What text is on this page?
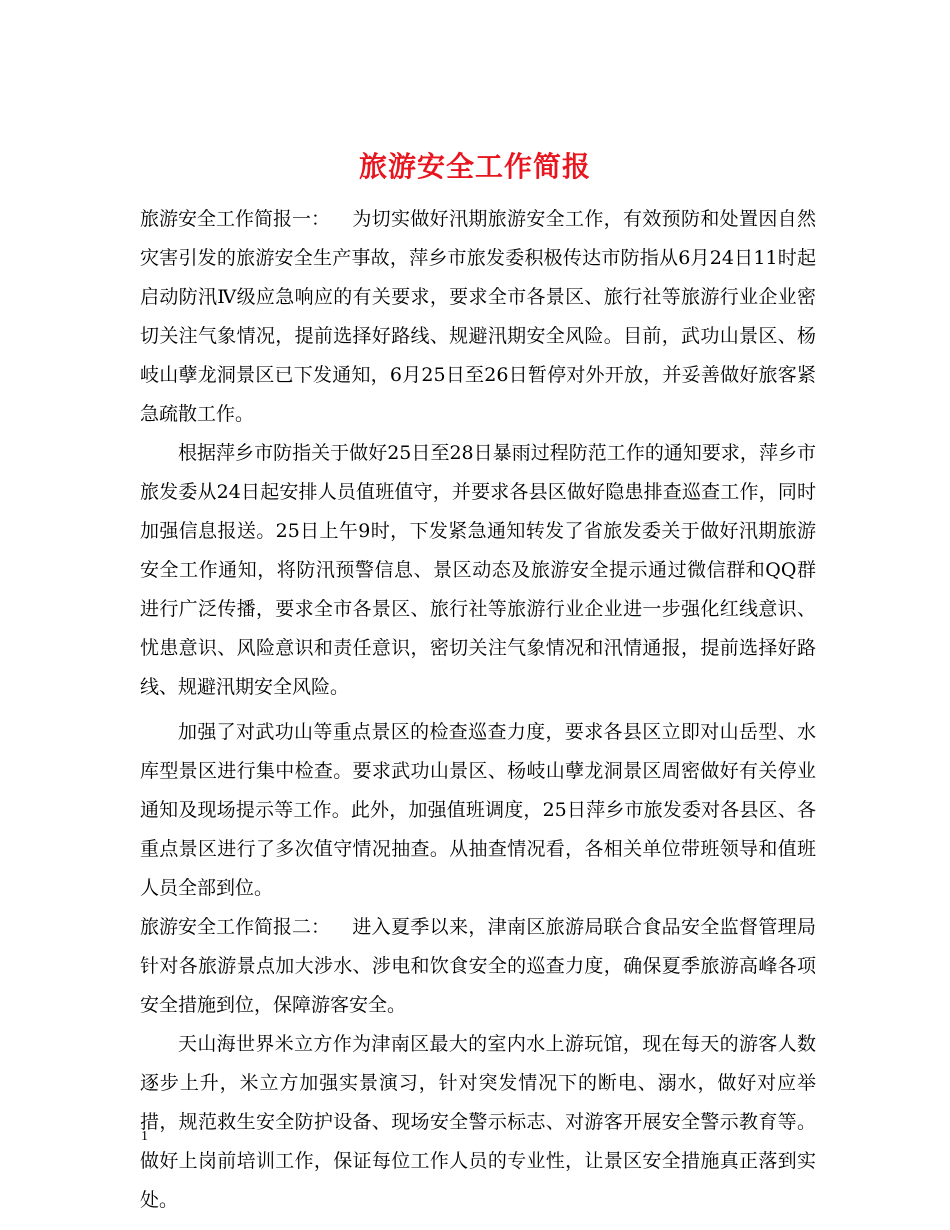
旅游安全工作简报

旅游安全工作简报一： 为切实做好汛期旅游安全工作，有效预防和处置因自然灾害引发的旅游安全生产事故，萍乡市旅发委积极传达市防指从6月24日11时起启动防汛Ⅳ级应急响应的有关要求，要求全市各景区、旅行社等旅游行业企业密切关注气象情况，提前选择好路线、规避汛期安全风险。目前，武功山景区、杨岐山孽龙洞景区已下发通知，6月25日至26日暂停对外开放，并妥善做好旅客紧急疏散工作。

根据萍乡市防指关于做好25日至28日暴雨过程防范工作的通知要求，萍乡市旅发委从24日起安排人员值班值守，并要求各县区做好隐患排查巡查工作，同时加强信息报送。25日上午9时，下发紧急通知转发了省旅发委关于做好汛期旅游安全工作通知，将防汛预警信息、景区动态及旅游安全提示通过微信群和QQ群进行广泛传播，要求全市各景区、旅行社等旅游行业企业进一步强化红线意识、忧患意识、风险意识和责任意识，密切关注气象情况和汛情通报，提前选择好路线、规避汛期安全风险。

加强了对武功山等重点景区的检查巡查力度，要求各县区立即对山岳型、水库型景区进行集中检查。要求武功山景区、杨岐山孽龙洞景区周密做好有关停业通知及现场提示等工作。此外，加强值班调度，25日萍乡市旅发委对各县区、各重点景区进行了多次值守情况抽查。从抽查情况看，各相关单位带班领导和值班人员全部到位。

旅游安全工作简报二： 进入夏季以来，津南区旅游局联合食品安全监督管理局针对各旅游景点加大涉水、涉电和饮食安全的巡查力度，确保夏季旅游高峰各项安全措施到位，保障游客安全。

天山海世界米立方作为津南区最大的室内水上游玩馆，现在每天的游客人数逐步上升，米立方加强实景演习，针对突发情况下的断电、溺水，做好对应举措，规范救生安全防护设备、现场安全警示标志、对游客开展安全警示教育等。做好上岗前培训工作，保证每位工作人员的专业性，让景区安全措施真正落到实处。

1
